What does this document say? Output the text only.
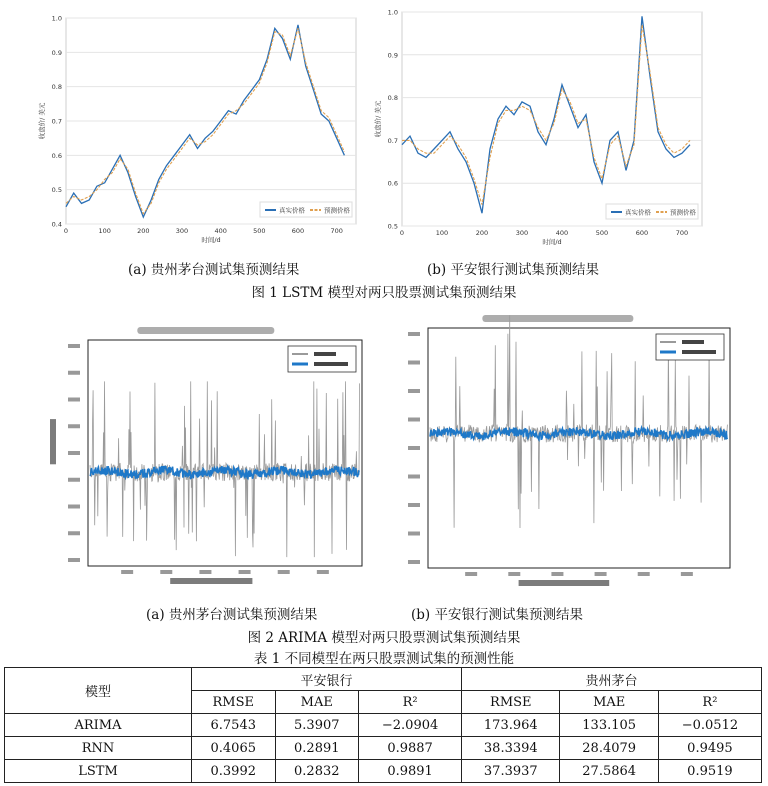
0.4
0.5
0.6
0.7
0.8
0.9
1.0
0	100	200	300	400	500	600	700
时间/d
收盘价/ 美元
真实价格	预测价格
0.5
0.6
0.7
0.8
0.9
1.0
0	100	200	300	400	500	600	700
时间/d
收盘价/ 美元
真实价格	预测价格
(a) 贵州茅台测试集预测结果	(b) 平安银行测试集预测结果
图 1 LSTM 模型对两只股票测试集预测结果
(a) 贵州茅台测试集预测结果	(b) 平安银行测试集预测结果
图 2 ARIMA 模型对两只股票测试集预测结果
表 1 不同模型在两只股票测试集的预测性能
模型	平安银行			贵州茅台		
	RMSE	MAE	R²	RMSE	MAE	R²
ARIMA	6.7543	5.3907	−2.0904	173.964	133.105	−0.0512
RNN	0.4065	0.2891	0.9887	38.3394	28.4079	0.9495
LSTM	0.3992	0.2832	0.9891	37.3937	27.5864	0.9519
